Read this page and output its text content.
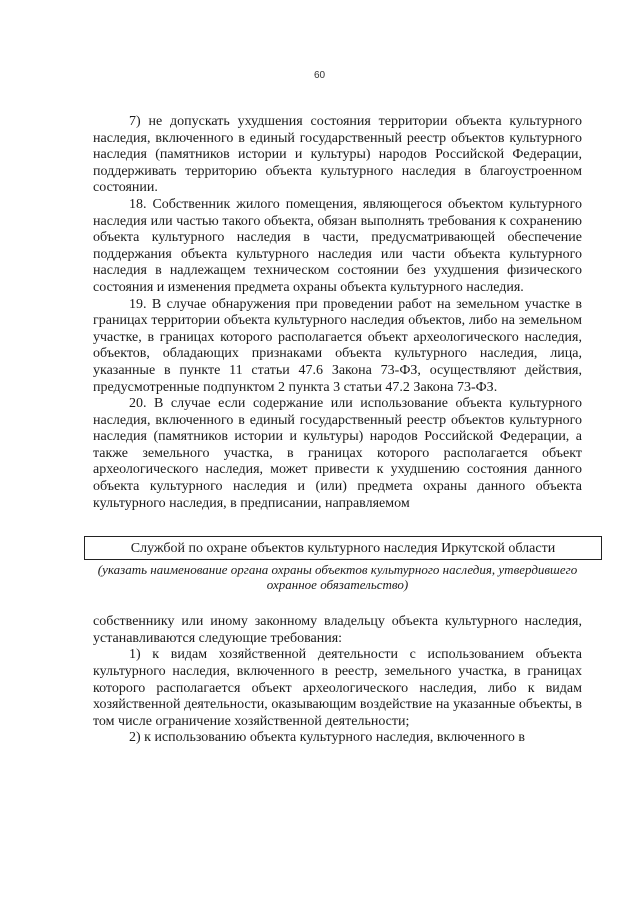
60

7) не допускать ухудшения состояния территории объекта культурного наследия, включенного в единый государственный реестр объектов культурного наследия (памятников истории и культуры) народов Российской Федерации, поддерживать территорию объекта культурного наследия в благоустроенном состоянии.

18. Собственник жилого помещения, являющегося объектом культурного наследия или частью такого объекта, обязан выполнять требования к сохранению объекта культурного наследия в части, предусматривающей обеспечение поддержания объекта культурного наследия или части объекта культурного наследия в надлежащем техническом состоянии без ухудшения физического состояния и изменения предмета охраны объекта культурного наследия.

19. В случае обнаружения при проведении работ на земельном участке в границах территории объекта культурного наследия объектов, либо на земельном участке, в границах которого располагается объект археологического наследия, объектов, обладающих признаками объекта культурного наследия, лица, указанные в пункте 11 статьи 47.6 Закона 73-ФЗ, осуществляют действия, предусмотренные подпунктом 2 пункта 3 статьи 47.2 Закона 73-ФЗ.

20. В случае если содержание или использование объекта культурного наследия, включенного в единый государственный реестр объектов культурного наследия (памятников истории и культуры) народов Российской Федерации, а также земельного участка, в границах которого располагается объект археологического наследия, может привести к ухудшению состояния данного объекта культурного наследия и (или) предмета охраны данного объекта культурного наследия, в предписании, направляемом

Службой по охране объектов культурного наследия Иркутской области
(указать наименование органа охраны объектов культурного наследия, утвердившего охранное обязательство)

собственнику или иному законному владельцу объекта культурного наследия, устанавливаются следующие требования:

1) к видам хозяйственной деятельности с использованием объекта культурного наследия, включенного в реестр, земельного участка, в границах которого располагается объект археологического наследия, либо к видам хозяйственной деятельности, оказывающим воздействие на указанные объекты, в том числе ограничение хозяйственной деятельности;

2) к использованию объекта культурного наследия, включенного в
